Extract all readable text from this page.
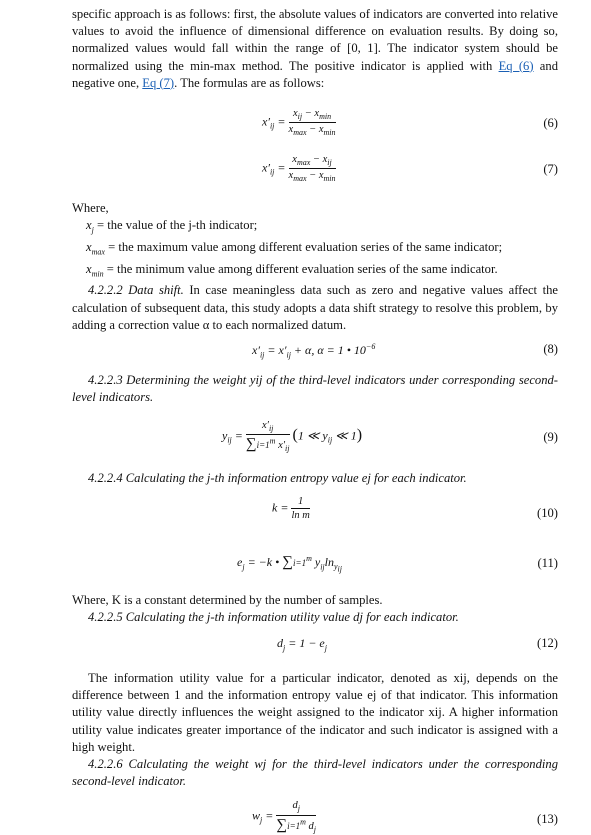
specific approach is as follows: first, the absolute values of indicators are converted into relative values to avoid the influence of dimensional difference on evaluation results. By doing so, normalized values would fall within the range of [0, 1]. The indicator system should be normalized using the min-max method. The positive indicator is applied with Eq (6) and negative one, Eq (7). The formulas are as follows:

$x'_{ij} = \frac{x_{ij} - x_{min}}{x_{max} - x_{min}}$	(6)
$x'_{ij} = \frac{x_{max} - x_{ij}}{x_{max} - x_{min}}$	(7)

Where,

$x_j$ = the value of the j-th indicator;
$x_{max}$ = the maximum value among different evaluation series of the same indicator;
$x_{min}$ = the minimum value among different evaluation series of the same indicator.

4.2.2.2 Data shift. In case meaningless data such as zero and negative values affect the calculation of subsequent data, this study adopts a data shift strategy to resolve this problem, by adding a correction value α to each normalized datum.

$x'_{ij} = x'_{ij} + \alpha$, α = 1 • $10^{-6}$	(8)

4.2.2.3 Determining the weight yij of the third-level indicators under corresponding second-level indicators.

$y_{ij} = \frac{x'_{ij}}{\sum i=1^m x'_{ij}} (1$ ≪ $y_{ij}$ ≪ 1)	(9)

4.2.2.4 Calculating the j-th information entropy value ej for each indicator.

$k = \frac{1}{\text{ln m}}$	(10)
$e_j = -k$ • $\sum i=1^m$ $y_{ij}\ln_{y_{ij}}$	(11)

Where, K is a constant determined by the number of samples.

4.2.2.5 Calculating the j-th information utility value dj for each indicator.

$d_j = 1 - e_j$	(12)

The information utility value for a particular indicator, denoted as xij, depends on the difference between 1 and the information entropy value ej of that indicator. This information utility value directly influences the weight assigned to the indicator xij. A higher information utility value indicates greater importance of the indicator and such indicator is assigned with a high weight.

4.2.2.6 Calculating the weight wj for the third-level indicators under the corresponding second-level indicator.

$w_j = \frac{d_j}{\sum i=1^m d_j}$	(13)
